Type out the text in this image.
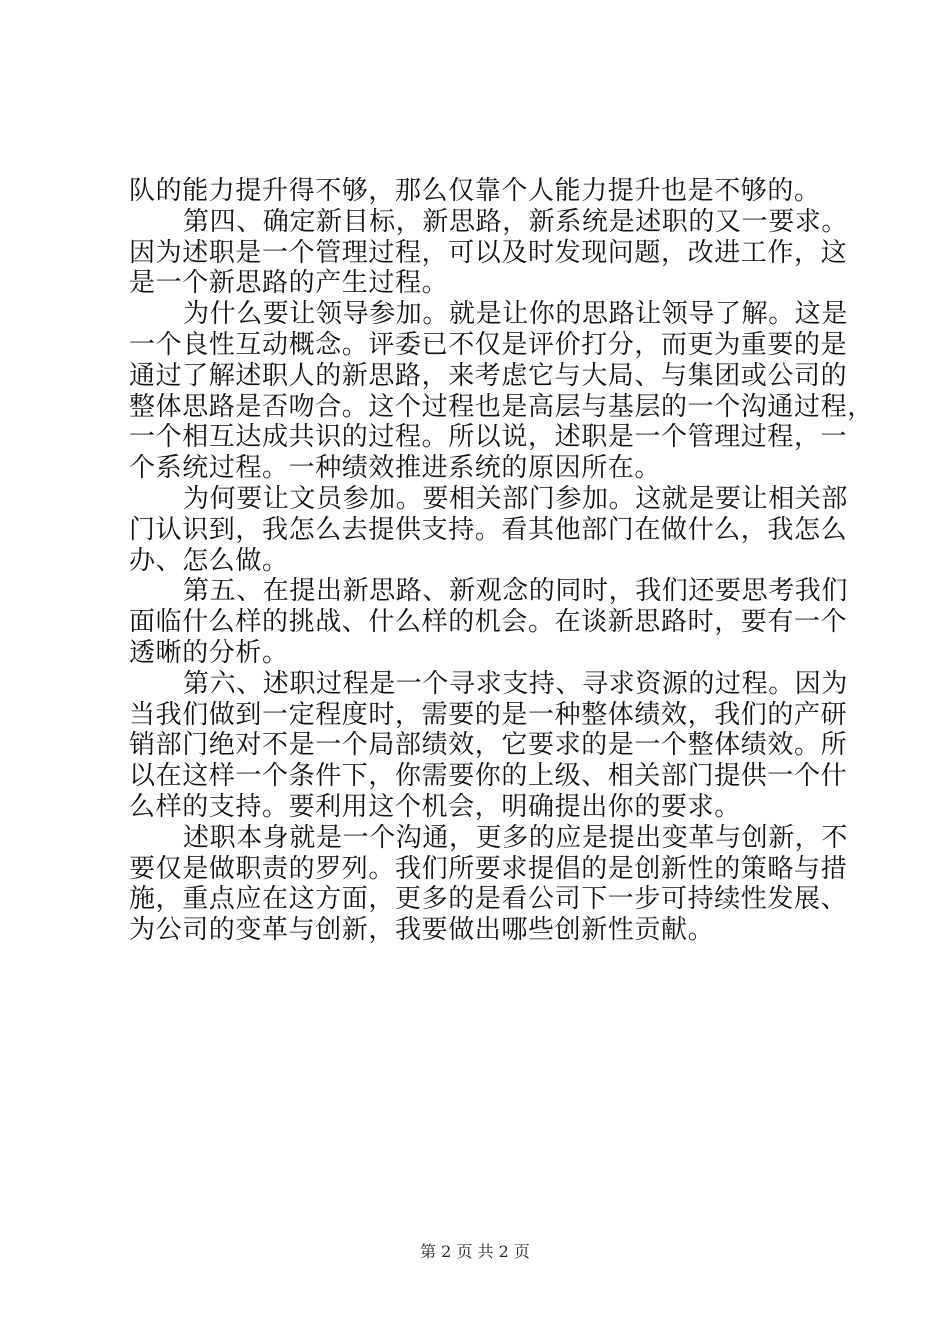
队的能力提升得不够，那么仅靠个人能力提升也是不够的。
第四、确定新目标，新思路，新系统是述职的又一要求。
因为述职是一个管理过程，可以及时发现问题，改进工作，这
是一个新思路的产生过程。
为什么要让领导参加。就是让你的思路让领导了解。这是
一个良性互动概念。评委已不仅是评价打分，而更为重要的是
通过了解述职人的新思路，来考虑它与大局、与集团或公司的
整体思路是否吻合。这个过程也是高层与基层的一个沟通过程，
一个相互达成共识的过程。所以说，述职是一个管理过程，一
个系统过程。一种绩效推进系统的原因所在。
为何要让文员参加。要相关部门参加。这就是要让相关部
门认识到，我怎么去提供支持。看其他部门在做什么，我怎么
办、怎么做。
第五、在提出新思路、新观念的同时，我们还要思考我们
面临什么样的挑战、什么样的机会。在谈新思路时，要有一个
透晰的分析。
第六、述职过程是一个寻求支持、寻求资源的过程。因为
当我们做到一定程度时，需要的是一种整体绩效，我们的产研
销部门绝对不是一个局部绩效，它要求的是一个整体绩效。所
以在这样一个条件下，你需要你的上级、相关部门提供一个什
么样的支持。要利用这个机会，明确提出你的要求。
述职本身就是一个沟通，更多的应是提出变革与创新，不
要仅是做职责的罗列。我们所要求提倡的是创新性的策略与措
施，重点应在这方面，更多的是看公司下一步可持续性发展、
为公司的变革与创新，我要做出哪些创新性贡献。
第 2 页 共 2 页
